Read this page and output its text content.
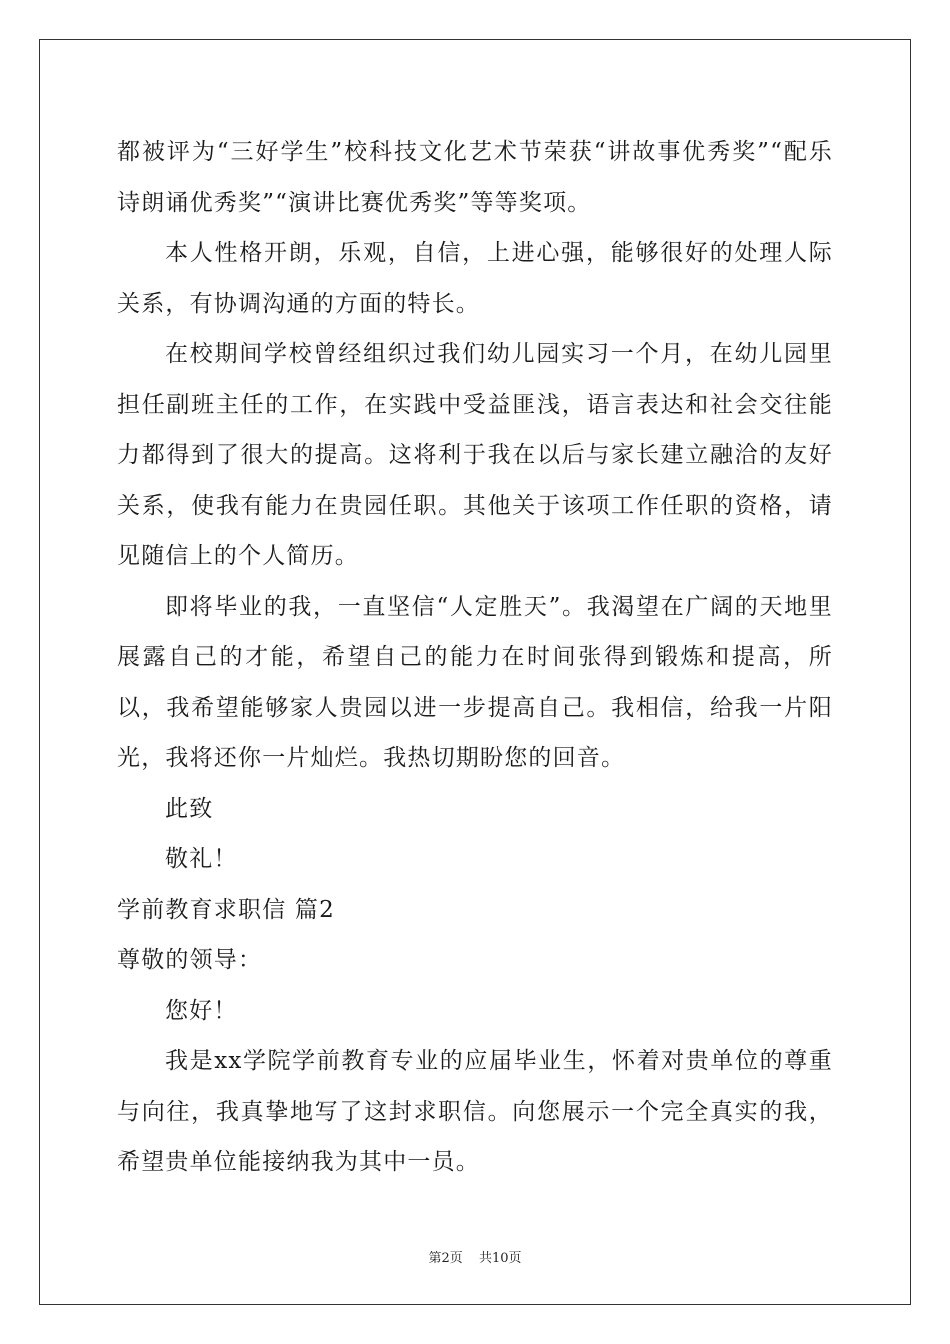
都被评为“三好学生”校科技文化艺术节荣获“讲故事优秀奖”“配乐诗朗诵优秀奖”“演讲比赛优秀奖”等等奖项。

本人性格开朗，乐观，自信，上进心强，能够很好的处理人际关系，有协调沟通的方面的特长。

在校期间学校曾经组织过我们幼儿园实习一个月，在幼儿园里担任副班主任的工作，在实践中受益匪浅，语言表达和社会交往能力都得到了很大的提高。这将利于我在以后与家长建立融洽的友好关系，使我有能力在贵园任职。其他关于该项工作任职的资格，请见随信上的个人简历。

即将毕业的我，一直坚信“人定胜天”。我渴望在广阔的天地里展露自己的才能，希望自己的能力在时间张得到锻炼和提高，所以，我希望能够家人贵园以进一步提高自己。我相信，给我一片阳光，我将还你一片灿烂。我热切期盼您的回音。

此致

敬礼！

学前教育求职信 篇2

尊敬的领导：

您好！

我是xx学院学前教育专业的应届毕业生，怀着对贵单位的尊重与向往，我真挚地写了这封求职信。向您展示一个完全真实的我，希望贵单位能接纳我为其中一员。

第2页 共10页
